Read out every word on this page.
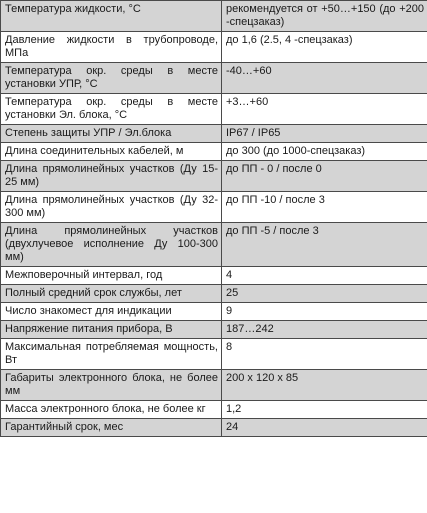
Температура жидкости, °С	рекомендуется от +50…+150 (до +200 -спецзаказ)
Давление жидкости в трубопроводе, МПа	до 1,6 (2.5, 4 -спецзаказ)
Температура окр. среды в месте установки УПР, °С	-40…+60
Температура окр. среды в месте установки Эл. блока, °С	+3…+60
Степень защиты УПР / Эл.блока	IP67 / IP65
Длина соединительных кабелей, м	до 300 (до 1000-спецзаказ)
Длина прямолинейных участков (Ду 15-25 мм)	до ПП - 0 / после 0
Длина прямолинейных участков (Ду 32-300 мм)	до ПП -10 / после 3
Длина прямолинейных участков (двухлучевое исполнение Ду 100-300 мм)	до ПП -5 / после 3
Межповерочный интервал, год	4
Полный средний срок службы, лет	25
Число знакомест для индикации	9
Напряжение питания прибора, В	187…242
Максимальная потребляемая мощность, Вт	8
Габариты электронного блока, не более мм	200 х 120 х 85
Масса электронного блока, не более кг	1,2
Гарантийный срок, мес	24
